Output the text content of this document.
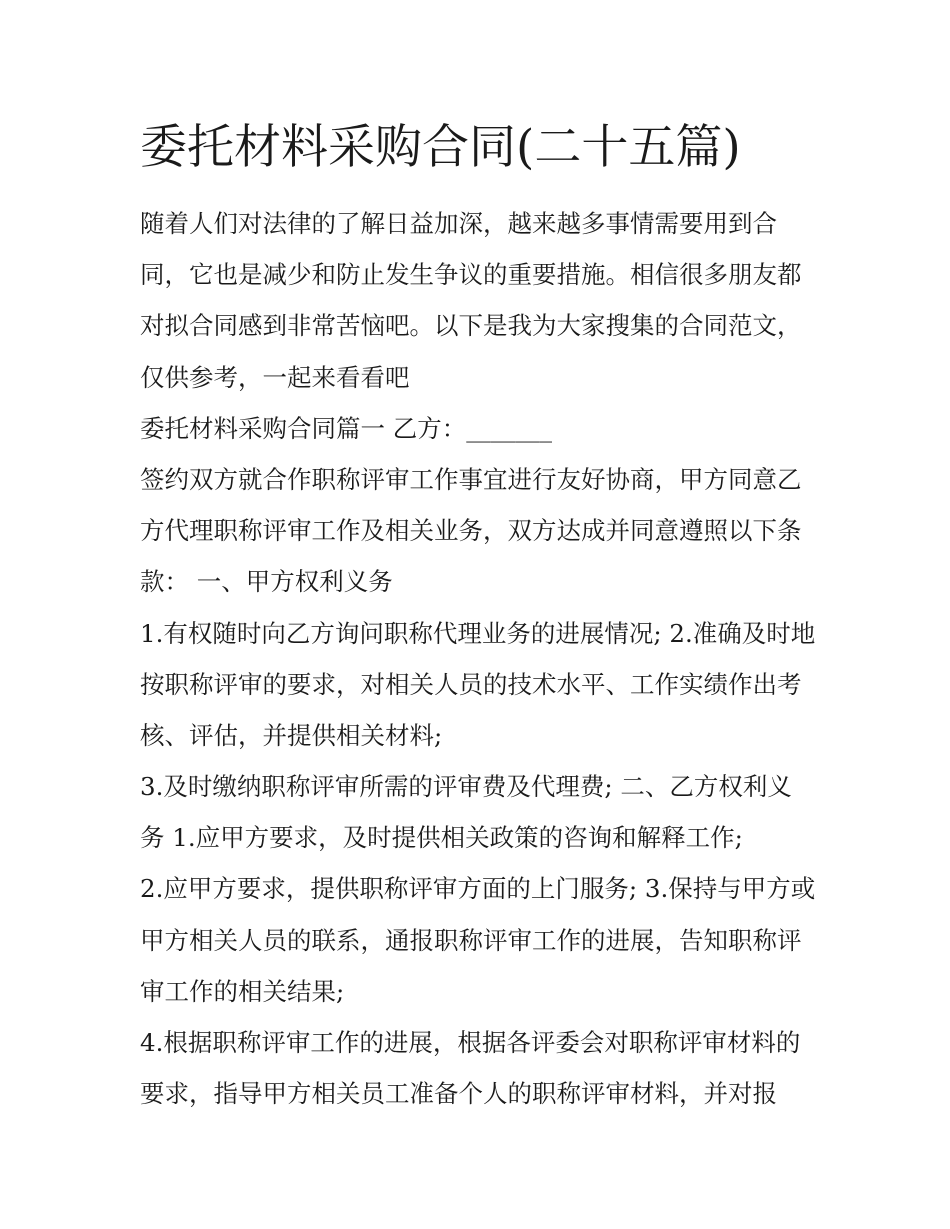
委托材料采购合同(二十五篇)
随着人们对法律的了解日益加深，越来越多事情需要用到合
同，它也是减少和防止发生争议的重要措施。相信很多朋友都
对拟合同感到非常苦恼吧。以下是我为大家搜集的合同范文，
仅供参考，一起来看看吧
委托材料采购合同篇一 乙方：_______
签约双方就合作职称评审工作事宜进行友好协商，甲方同意乙
方代理职称评审工作及相关业务，双方达成并同意遵照以下条
款： 一、甲方权利义务
1.有权随时向乙方询问职称代理业务的进展情况; 2.准确及时地
按职称评审的要求，对相关人员的技术水平、工作实绩作出考
核、评估，并提供相关材料;
3.及时缴纳职称评审所需的评审费及代理费; 二、乙方权利义
务 1.应甲方要求，及时提供相关政策的咨询和解释工作;
2.应甲方要求，提供职称评审方面的上门服务; 3.保持与甲方或
甲方相关人员的联系，通报职称评审工作的进展，告知职称评
审工作的相关结果;
4.根据职称评审工作的进展，根据各评委会对职称评审材料的
要求，指导甲方相关员工准备个人的职称评审材料，并对报
